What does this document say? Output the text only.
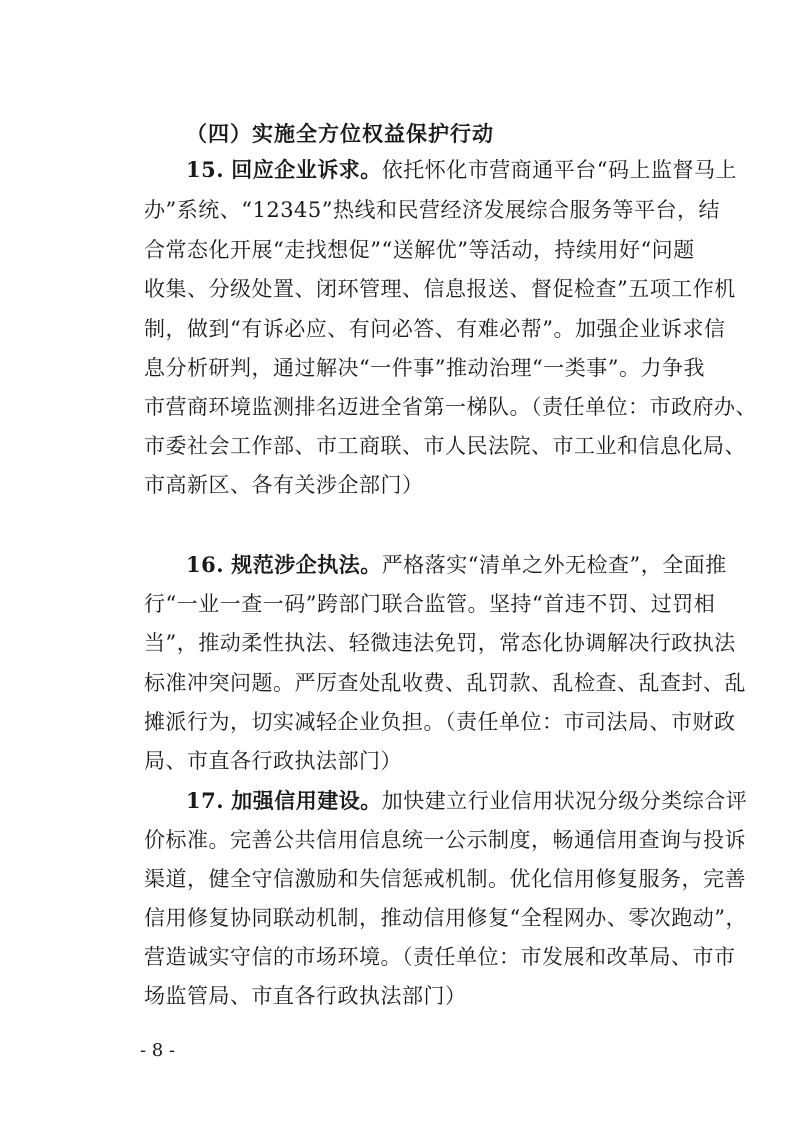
（四）实施全方位权益保护行动
15. 回应企业诉求。依托怀化市营商通平台“码上监督马上
办”系统、“12345”热线和民营经济发展综合服务等平台，结
合常态化开展“走找想促”“送解优”等活动，持续用好“问题
收集、分级处置、闭环管理、信息报送、督促检查”五项工作机
制，做到“有诉必应、有问必答、有难必帮”。加强企业诉求信
息分析研判，通过解决“一件事”推动治理“一类事”。力争我
市营商环境监测排名迈进全省第一梯队。（责任单位：市政府办、
市委社会工作部、市工商联、市人民法院、市工业和信息化局、
市高新区、各有关涉企部门）
16. 规范涉企执法。严格落实“清单之外无检查”，全面推
行“一业一查一码”跨部门联合监管。坚持“首违不罚、过罚相
当”，推动柔性执法、轻微违法免罚，常态化协调解决行政执法
标准冲突问题。严厉查处乱收费、乱罚款、乱检查、乱查封、乱
摊派行为，切实减轻企业负担。（责任单位：市司法局、市财政
局、市直各行政执法部门）
17. 加强信用建设。加快建立行业信用状况分级分类综合评
价标准。完善公共信用信息统一公示制度，畅通信用查询与投诉
渠道，健全守信激励和失信惩戒机制。优化信用修复服务，完善
信用修复协同联动机制，推动信用修复“全程网办、零次跑动”，
营造诚实守信的市场环境。（责任单位：市发展和改革局、市市
场监管局、市直各行政执法部门）
- 8 -
